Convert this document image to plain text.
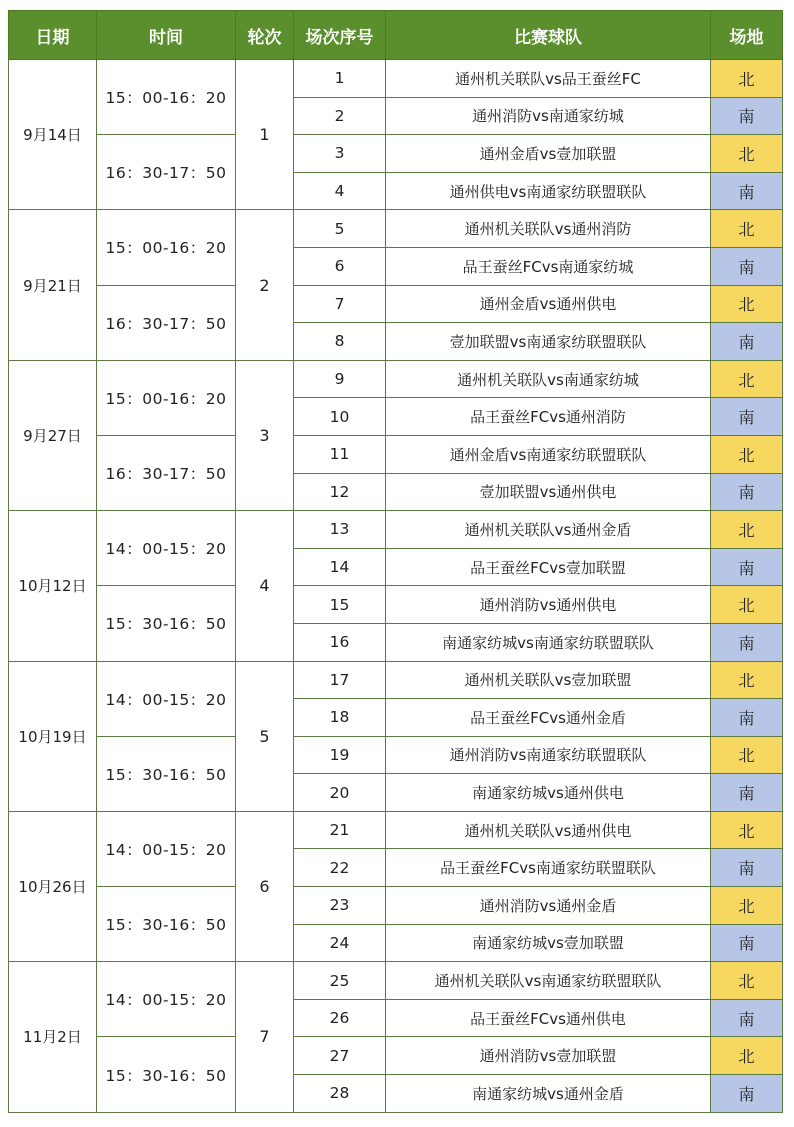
日期	时间	轮次	场次序号	比赛球队	场地
9月14日	15：00-16：20	1	1	通州机关联队vs品王蚕丝FC	北
			2	通州消防vs南通家纺城	南
	16：30-17：50		3	通州金盾vs壹加联盟	北
			4	通州供电vs南通家纺联盟联队	南
9月21日	15：00-16：20	2	5	通州机关联队vs通州消防	北
			6	品王蚕丝FCvs南通家纺城	南
	16：30-17：50		7	通州金盾vs通州供电	北
			8	壹加联盟vs南通家纺联盟联队	南
9月27日	15：00-16：20	3	9	通州机关联队vs南通家纺城	北
			10	品王蚕丝FCvs通州消防	南
	16：30-17：50		11	通州金盾vs南通家纺联盟联队	北
			12	壹加联盟vs通州供电	南
10月12日	14：00-15：20	4	13	通州机关联队vs通州金盾	北
			14	品王蚕丝FCvs壹加联盟	南
	15：30-16：50		15	通州消防vs通州供电	北
			16	南通家纺城vs南通家纺联盟联队	南
10月19日	14：00-15：20	5	17	通州机关联队vs壹加联盟	北
			18	品王蚕丝FCvs通州金盾	南
	15：30-16：50		19	通州消防vs南通家纺联盟联队	北
			20	南通家纺城vs通州供电	南
10月26日	14：00-15：20	6	21	通州机关联队vs通州供电	北
			22	品王蚕丝FCvs南通家纺联盟联队	南
	15：30-16：50		23	通州消防vs通州金盾	北
			24	南通家纺城vs壹加联盟	南
11月2日	14：00-15：20	7	25	通州机关联队vs南通家纺联盟联队	北
			26	品王蚕丝FCvs通州供电	南
	15：30-16：50		27	通州消防vs壹加联盟	北
			28	南通家纺城vs通州金盾	南
